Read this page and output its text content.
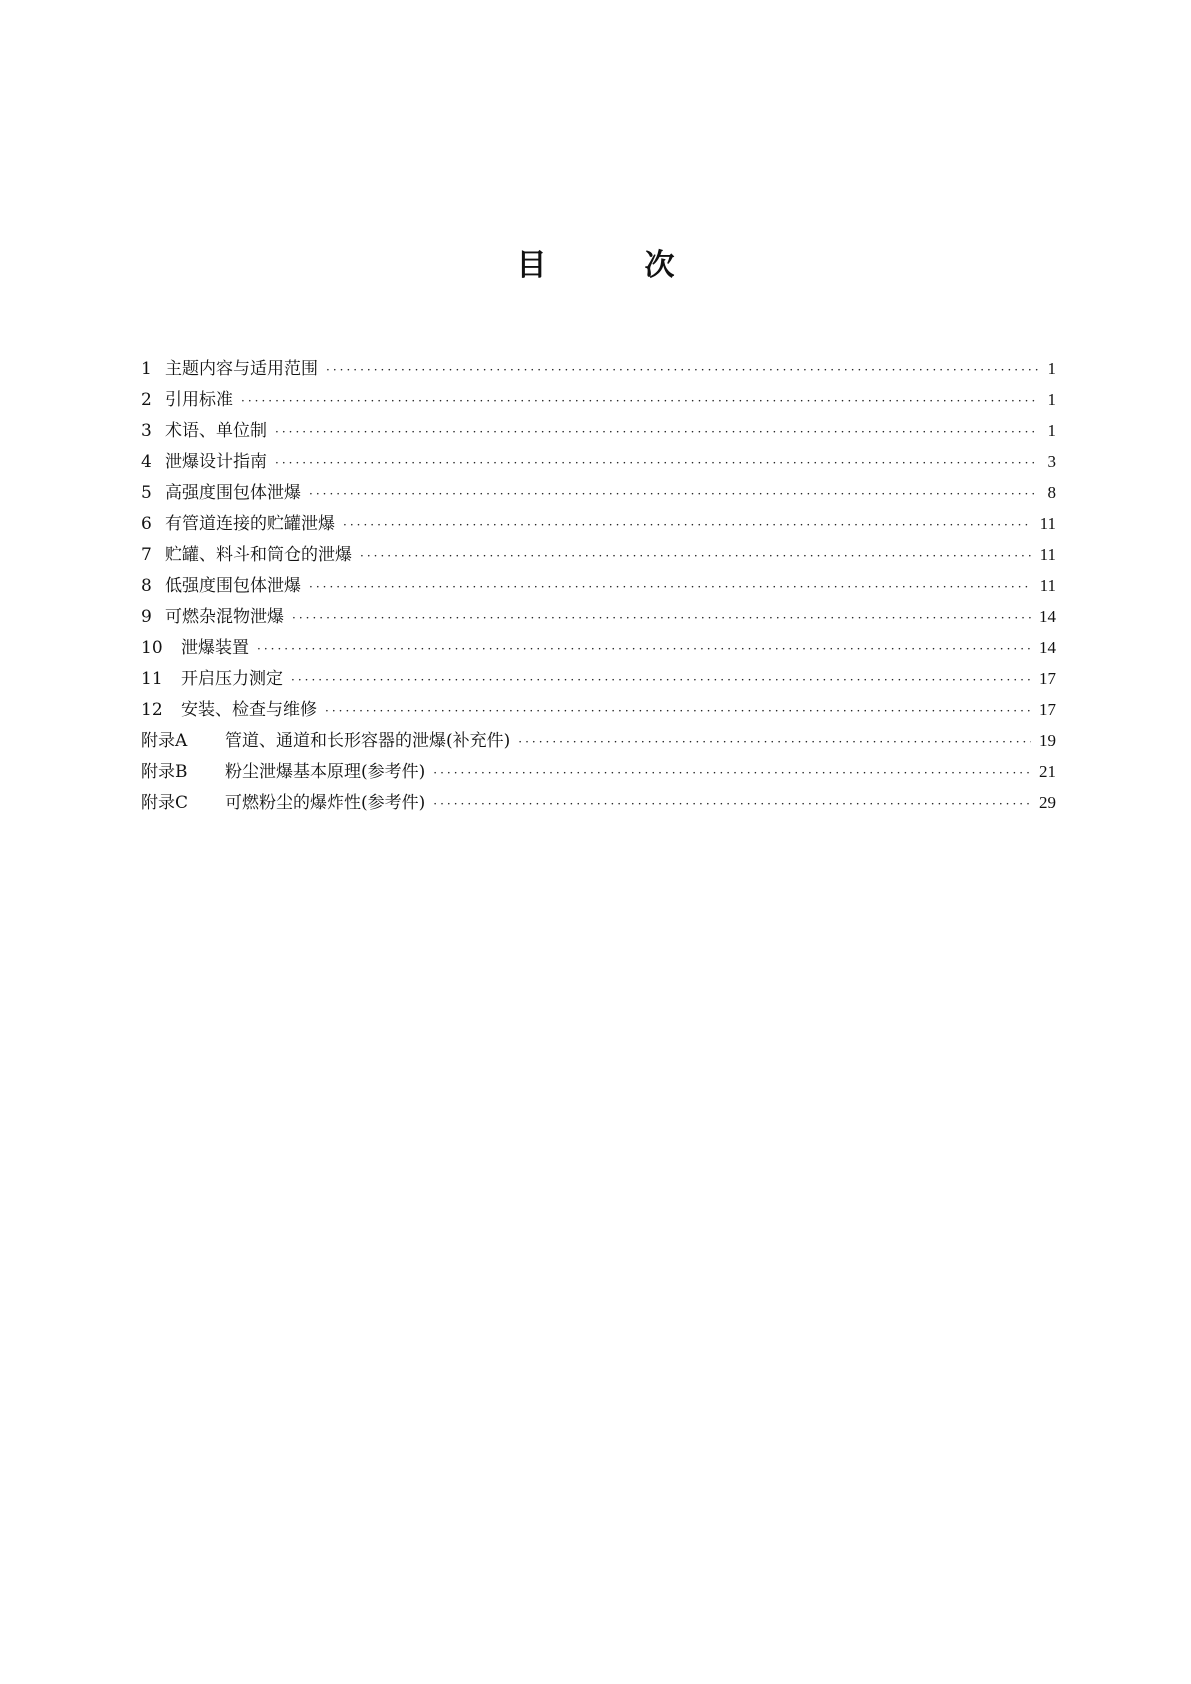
目次
1 主题内容与适用范围 ·····	1
2 引用标准 ·····	1
3 术语、单位制 ·····	1
4 泄爆设计指南 ·····	3
5 高强度围包体泄爆 ·····	8
6 有管道连接的贮罐泄爆 ·····	11
7 贮罐、料斗和筒仓的泄爆 ·····	11
8 低强度围包体泄爆 ·····	11
9 可燃杂混物泄爆 ·····	14
10	泄爆装置 ·····	14
11	开启压力测定 ·····	17
12	安装、检查与维修 ·····	17
附录A	管道、通道和长形容器的泄爆(补充件) ·····	19
附录B	粉尘泄爆基本原理(参考件) ·····	21
附录C	可燃粉尘的爆炸性(参考件) ·····	29
